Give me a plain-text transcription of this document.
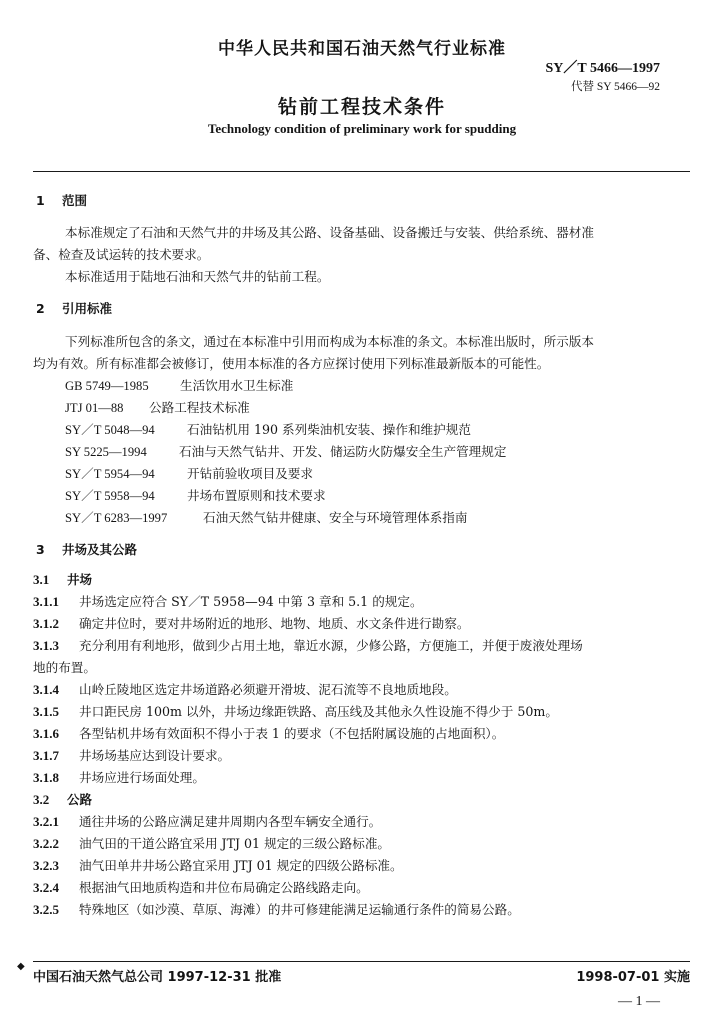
中华人民共和国石油天然气行业标准
SY／T 5466—1997
代替 SY 5466—92
钻前工程技术条件
Technology condition of preliminary work for spudding
1 范围
本标准规定了石油和天然气井的井场及其公路、设备基础、设备搬迁与安装、供给系统、器材准
备、检查及试运转的技术要求。
本标准适用于陆地石油和天然气井的钻前工程。
2 引用标准
下列标准所包含的条文，通过在本标准中引用而构成为本标准的条文。本标准出版时，所示版本
均为有效。所有标准都会被修订，使用本标准的各方应探讨使用下列标准最新版本的可能性。
GB 5749—1985 生活饮用水卫生标准
JTJ 01—88 公路工程技术标准
SY／T 5048—94	石油钻机用 190 系列柴油机安装、操作和维护规范
SY 5225—1994	石油与天然气钻井、开发、储运防火防爆安全生产管理规定
SY／T 5954—94	开钻前验收项目及要求
SY／T 5958—94	井场布置原则和技术要求
SY／T 6283—1997	石油天然气钻井健康、安全与环境管理体系指南
3 井场及其公路
3.1 井场
3.1.1 井场选定应符合 SY／T 5958—94 中第 3 章和 5.1 的规定。
3.1.2 确定井位时，要对井场附近的地形、地物、地质、水文条件进行勘察。
3.1.3 充分利用有利地形，做到少占用土地，靠近水源，少修公路，方便施工，并便于废液处理场
地的布置。
3.1.4 山岭丘陵地区选定井场道路必须避开滑坡、泥石流等不良地质地段。
3.1.5 井口距民房 100m 以外，井场边缘距铁路、高压线及其他永久性设施不得少于 50m。
3.1.6 各型钻机井场有效面积不得小于表 1 的要求（不包括附属设施的占地面积）。
3.1.7 井场场基应达到设计要求。
3.1.8 井场应进行场面处理。
3.2 公路
3.2.1 通往井场的公路应满足建井周期内各型车辆安全通行。
3.2.2 油气田的干道公路宜采用 JTJ 01 规定的三级公路标准。
3.2.3 油气田单井井场公路宜采用 JTJ 01 规定的四级公路标准。
3.2.4 根据油气田地质构造和井位布局确定公路线路走向。
3.2.5 特殊地区（如沙漠、草原、海滩）的井可修建能满足运输通行条件的简易公路。
◆
中国石油天然气总公司 1997-12-31 批准	1998-07-01 实施
— 1 —
